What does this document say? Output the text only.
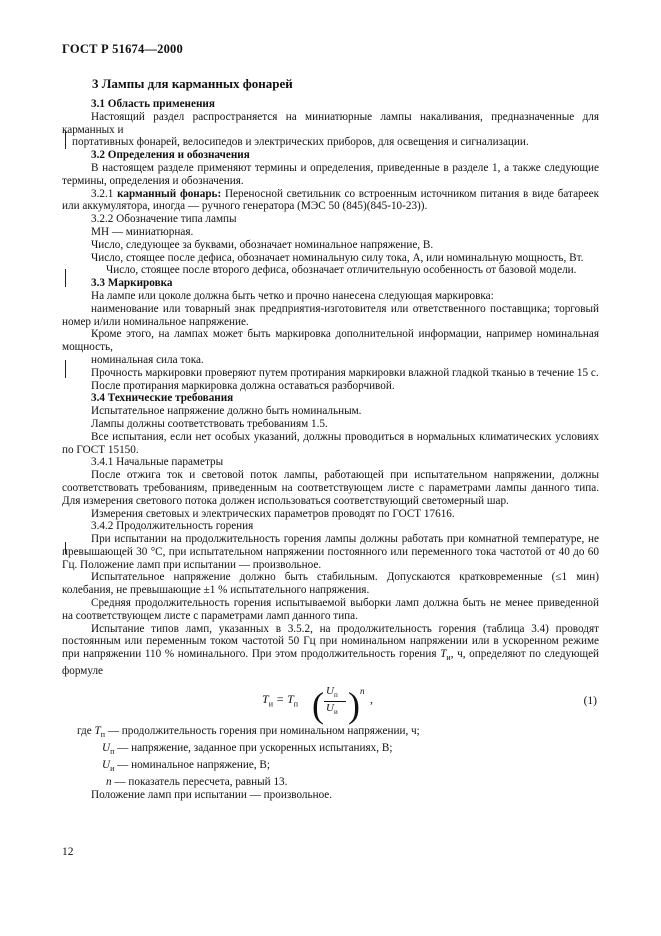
ГОСТ Р 51674—2000
3 Лампы для карманных фонарей

3.1 Область применения

Настоящий раздел распространяется на миниатюрные лампы накаливания, предназначенные для карманных и

портативных фонарей, велосипедов и электрических приборов, для освещения и сигнализации.

3.2 Определения и обозначения

В настоящем разделе применяют термины и определения, приведенные в разделе 1, а также следующие термины, определения и обозначения.

3.2.1 карманный фонарь: Переносной светильник со встроенным источником питания в виде батареек или аккумулятора, иногда — ручного генератора (МЭС 50 (845)(845-10-23)).

3.2.2 Обозначение типа лампы

МН — миниатюрная.

Число, следующее за буквами, обозначает номинальное напряжение, В.

Число, стоящее после дефиса, обозначает номинальную силу тока, А, или номинальную мощность, Вт.

Число, стоящее после второго дефиса, обозначает отличительную особенность от базовой модели.

3.3 Маркировка

На лампе или цоколе должна быть четко и прочно нанесена следующая маркировка:

наименование или товарный знак предприятия-изготовителя или ответственного поставщика; торговый номер и/или номинальное напряжение.

Кроме этого, на лампах может быть маркировка дополнительной информации, например номинальная мощность,

номинальная сила тока.

Прочность маркировки проверяют путем протирания маркировки влажной гладкой тканью в течение 15 с.

После протирания маркировка должна оставаться разборчивой.

3.4 Технические требования

Испытательное напряжение должно быть номинальным.

Лампы должны соответствовать требованиям 1.5.

Все испытания, если нет особых указаний, должны проводиться в нормальных климатических условиях по ГОСТ 15150.

3.4.1 Начальные параметры

После отжига ток и световой поток лампы, работающей при испытательном напряжении, должны соответствовать требованиям, приведенным на соответствующем листе с параметрами лампы данного типа. Для измерения светового потока должен использоваться соответствующий светомерный шар.

Измерения световых и электрических параметров проводят по ГОСТ 17616.

3.4.2 Продолжительность горения

При испытании на продолжительность горения лампы должны работать при комнатной температуре, не превышающей 30 °С, при испытательном напряжении постоянного или переменного тока частотой от 40 до 60 Гц. Положение ламп при испытании — произвольное.

Испытательное напряжение должно быть стабильным. Допускаются кратковременные (≤1 мин) колебания, не превышающие ±1 % испытательного напряжения.

Средняя продолжительность горения испытываемой выборки ламп должна быть не менее приведенной на соответствующем листе с параметрами ламп данного типа.

Испытание типов ламп, указанных в 3.5.2, на продолжительность горения (таблица 3.4) проводят постоянным или переменным током частотой 50 Гц при номинальном напряжении или в ускоренном режиме при напряжении 110 % номинального. При этом продолжительность горения $T_и$, ч, определяют по следующей формуле

$T_и = T_п$ ( $U_п$
$U_и$ ) n
,	(1)

где $T_п$ — продолжительность горения при номинальном напряжении, ч;

$U_п$ — напряжение, заданное при ускоренных испытаниях, В;

$U_и$ — номинальное напряжение, В;

n — показатель пересчета, равный 13.

Положение ламп при испытании — произвольное.

12
